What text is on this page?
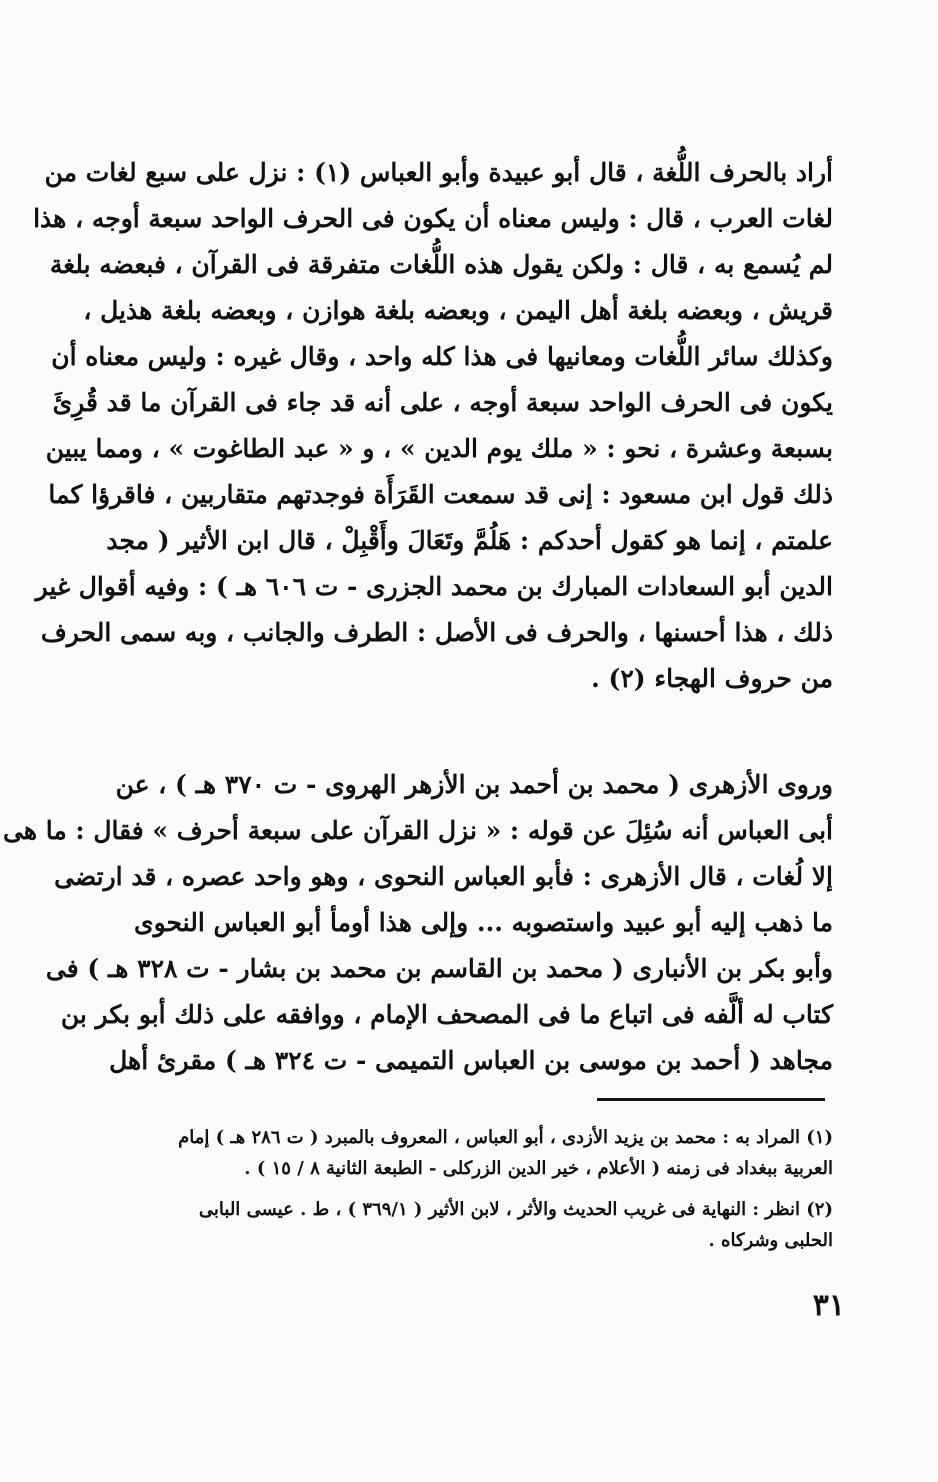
أراد بالحرف اللُّغة ، قال أبو عبيدة وأبو العباس (١) : نزل على سبع لغات من
لغات العرب ، قال : وليس معناه أن يكون فى الحرف الواحد سبعة أوجه ، هذا
لم يُسمع به ، قال : ولكن يقول هذه اللُّغات متفرقة فى القرآن ، فبعضه بلغة
قريش ، وبعضه بلغة أهل اليمن ، وبعضه بلغة هوازن ، وبعضه بلغة هذيل ،
وكذلك سائر اللُّغات ومعانيها فى هذا كله واحد ، وقال غيره : وليس معناه أن
يكون فى الحرف الواحد سبعة أوجه ، على أنه قد جاء فى القرآن ما قد قُرِئَ
بسبعة وعشرة ، نحو : « ملك يوم الدين » ، و « عبد الطاغوت » ، ومما يبين
ذلك قول ابن مسعود : إنى قد سمعت القَرَأَة فوجدتهم متقاربين ، فاقرؤا كما
علمتم ، إنما هو كقول أحدكم : هَلُمَّ وتَعَالَ وأَقْبِلْ ، قال ابن الأثير ( مجد
الدين أبو السعادات المبارك بن محمد الجزرى - ت ٦٠٦ هـ ) : وفيه أقوال غير
ذلك ، هذا أحسنها ، والحرف فى الأصل : الطرف والجانب ، وبه سمى الحرف
من حروف الهجاء (٢) .
وروى الأزهرى ( محمد بن أحمد بن الأزهر الهروى - ت ٣٧٠ هـ ) ، عن
أبى العباس أنه سُئِلَ عن قوله : « نزل القرآن على سبعة أحرف » فقال : ما هى
إلا لُغات ، قال الأزهرى : فأبو العباس النحوى ، وهو واحد عصره ، قد ارتضى
ما ذهب إليه أبو عبيد واستصوبه ... وإلى هذا أومأ أبو العباس النحوى
وأبو بكر بن الأنبارى ( محمد بن القاسم بن محمد بن بشار - ت ٣٢٨ هـ ) فى
كتاب له ألَّفه فى اتباع ما فى المصحف الإمام ، ووافقه على ذلك أبو بكر بن
مجاهد ( أحمد بن موسى بن العباس التميمى - ت ٣٢٤ هـ ) مقرئ أهل
(١) المراد به : محمد بن يزيد الأزدى ، أبو العباس ، المعروف بالمبرد ( ت ٢٨٦ هـ ) إمام
العربية ببغداد فى زمنه ( الأعلام ، خير الدين الزركلى - الطبعة الثانية ٨ / ١٥ ) .
(٢) انظر : النهاية فى غريب الحديث والأثر ، لابن الأثير ( ٣٦٩/١ ) ، ط . عيسى البابى
الحلبى وشركاه .
٣١
